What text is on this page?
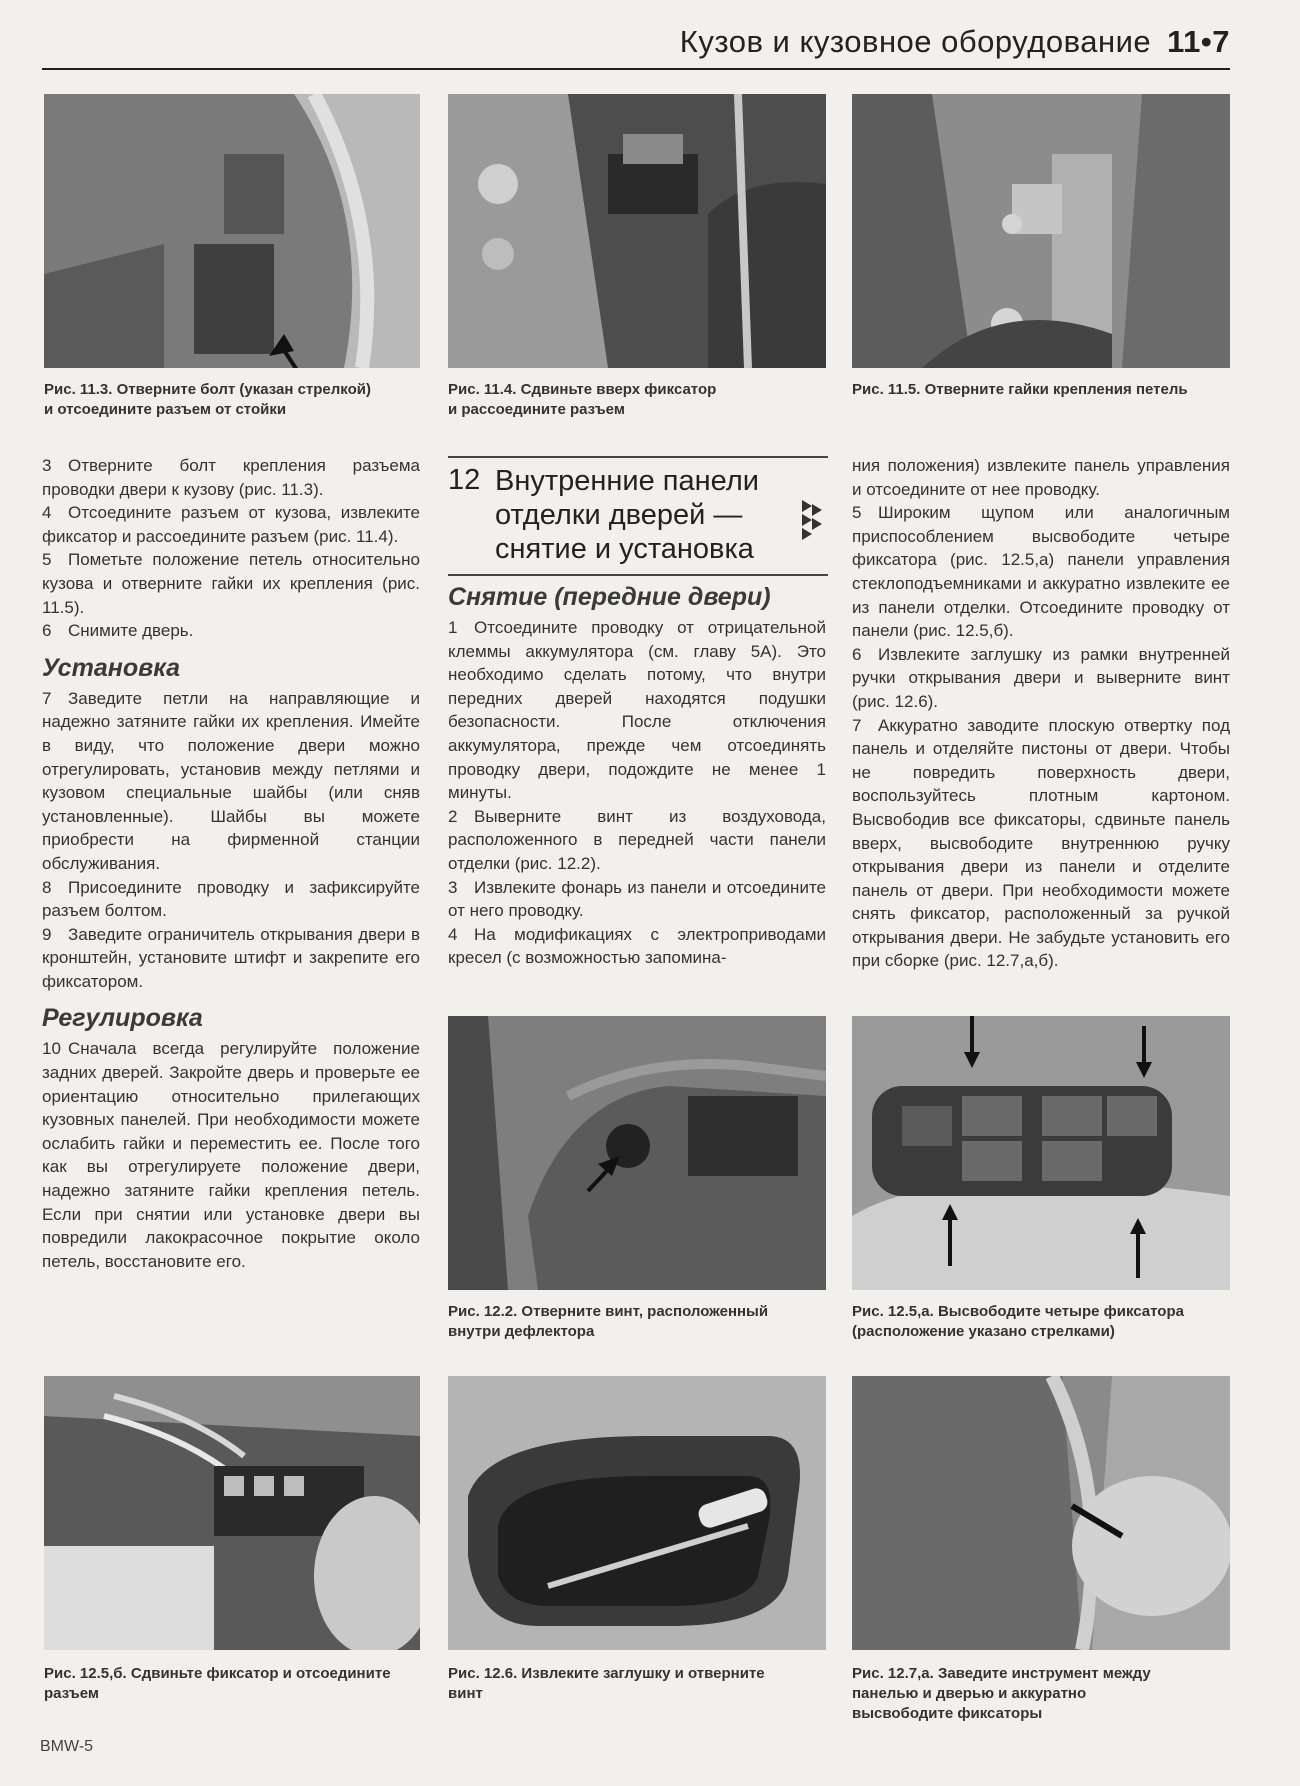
Кузов и кузовное оборудование 11•7
Рис. 11.3. Отверните болт (указан стрелкой)
и отсоедините разъем от стойки
Рис. 11.4. Сдвиньте вверх фиксатор
и рассоедините разъем
Рис. 11.5. Отверните гайки крепления петель

3 Отверните болт крепления разъема проводки двери к кузову (рис. 11.3).

4 Отсоедините разъем от кузова, извлеките фиксатор и рассоедините разъем (рис. 11.4).

5 Пометьте положение петель относительно кузова и отверните гайки их крепления (рис. 11.5).

6 Снимите дверь.

Установка

7 Заведите петли на направляющие и надежно затяните гайки их крепления. Имейте в виду, что положение двери можно отрегулировать, установив между петлями и кузовом специальные шайбы (или сняв установленные). Шайбы вы можете приобрести на фирменной станции обслуживания.

8 Присоедините проводку и зафиксируйте разъем болтом.

9 Заведите ограничитель открывания двери в кронштейн, установите штифт и закрепите его фиксатором.

Регулировка

10 Сначала всегда регулируйте положение задних дверей. Закройте дверь и проверьте ее ориентацию относительно прилегающих кузовных панелей. При необходимости можете ослабить гайки и переместить ее. После того как вы отрегулируете положение двери, надежно затяните гайки крепления петель. Если при снятии или установке двери вы повредили лакокрасочное покрытие около петель, восстановите его.

12 Внутренние панели отделки дверей — снятие и установка
Снятие (передние двери)

1 Отсоедините проводку от отрицательной клеммы аккумулятора (см. главу 5А). Это необходимо сделать потому, что внутри передних дверей находятся подушки безопасности. После отключения аккумулятора, прежде чем отсоединять проводку двери, подождите не менее 1 минуты.

2 Выверните винт из воздуховода, расположенного в передней части панели отделки (рис. 12.2).

3 Извлеките фонарь из панели и отсоедините от него проводку.

4 На модификациях с электроприводами кресел (с возможностью запомина-

ния положения) извлеките панель управления и отсоедините от нее проводку.

5 Широким щупом или аналогичным приспособлением высвободите четыре фиксатора (рис. 12.5,а) панели управления стеклоподъемниками и аккуратно извлеките ее из панели отделки. Отсоедините проводку от панели (рис. 12.5,б).

6 Извлеките заглушку из рамки внутренней ручки открывания двери и выверните винт (рис. 12.6).

7 Аккуратно заводите плоскую отвертку под панель и отделяйте пистоны от двери. Чтобы не повредить поверхность двери, воспользуйтесь плотным картоном. Высвободив все фиксаторы, сдвиньте панель вверх, высвободите внутреннюю ручку открывания двери из панели и отделите панель от двери. При необходимости можете снять фиксатор, расположенный за ручкой открывания двери. Не забудьте установить его при сборке (рис. 12.7,а,б).

Рис. 12.2. Отверните винт, расположенный
внутри дефлектора
Рис. 12.5,а. Высвободите четыре фиксатора
(расположение указано стрелками)
Рис. 12.5,б. Сдвиньте фиксатор и отсоедините
разъем
Рис. 12.6. Извлеките заглушку и отверните
винт
Рис. 12.7,а. Заведите инструмент между
панелью и дверью и аккуратно
высвободите фиксаторы
BMW-5
